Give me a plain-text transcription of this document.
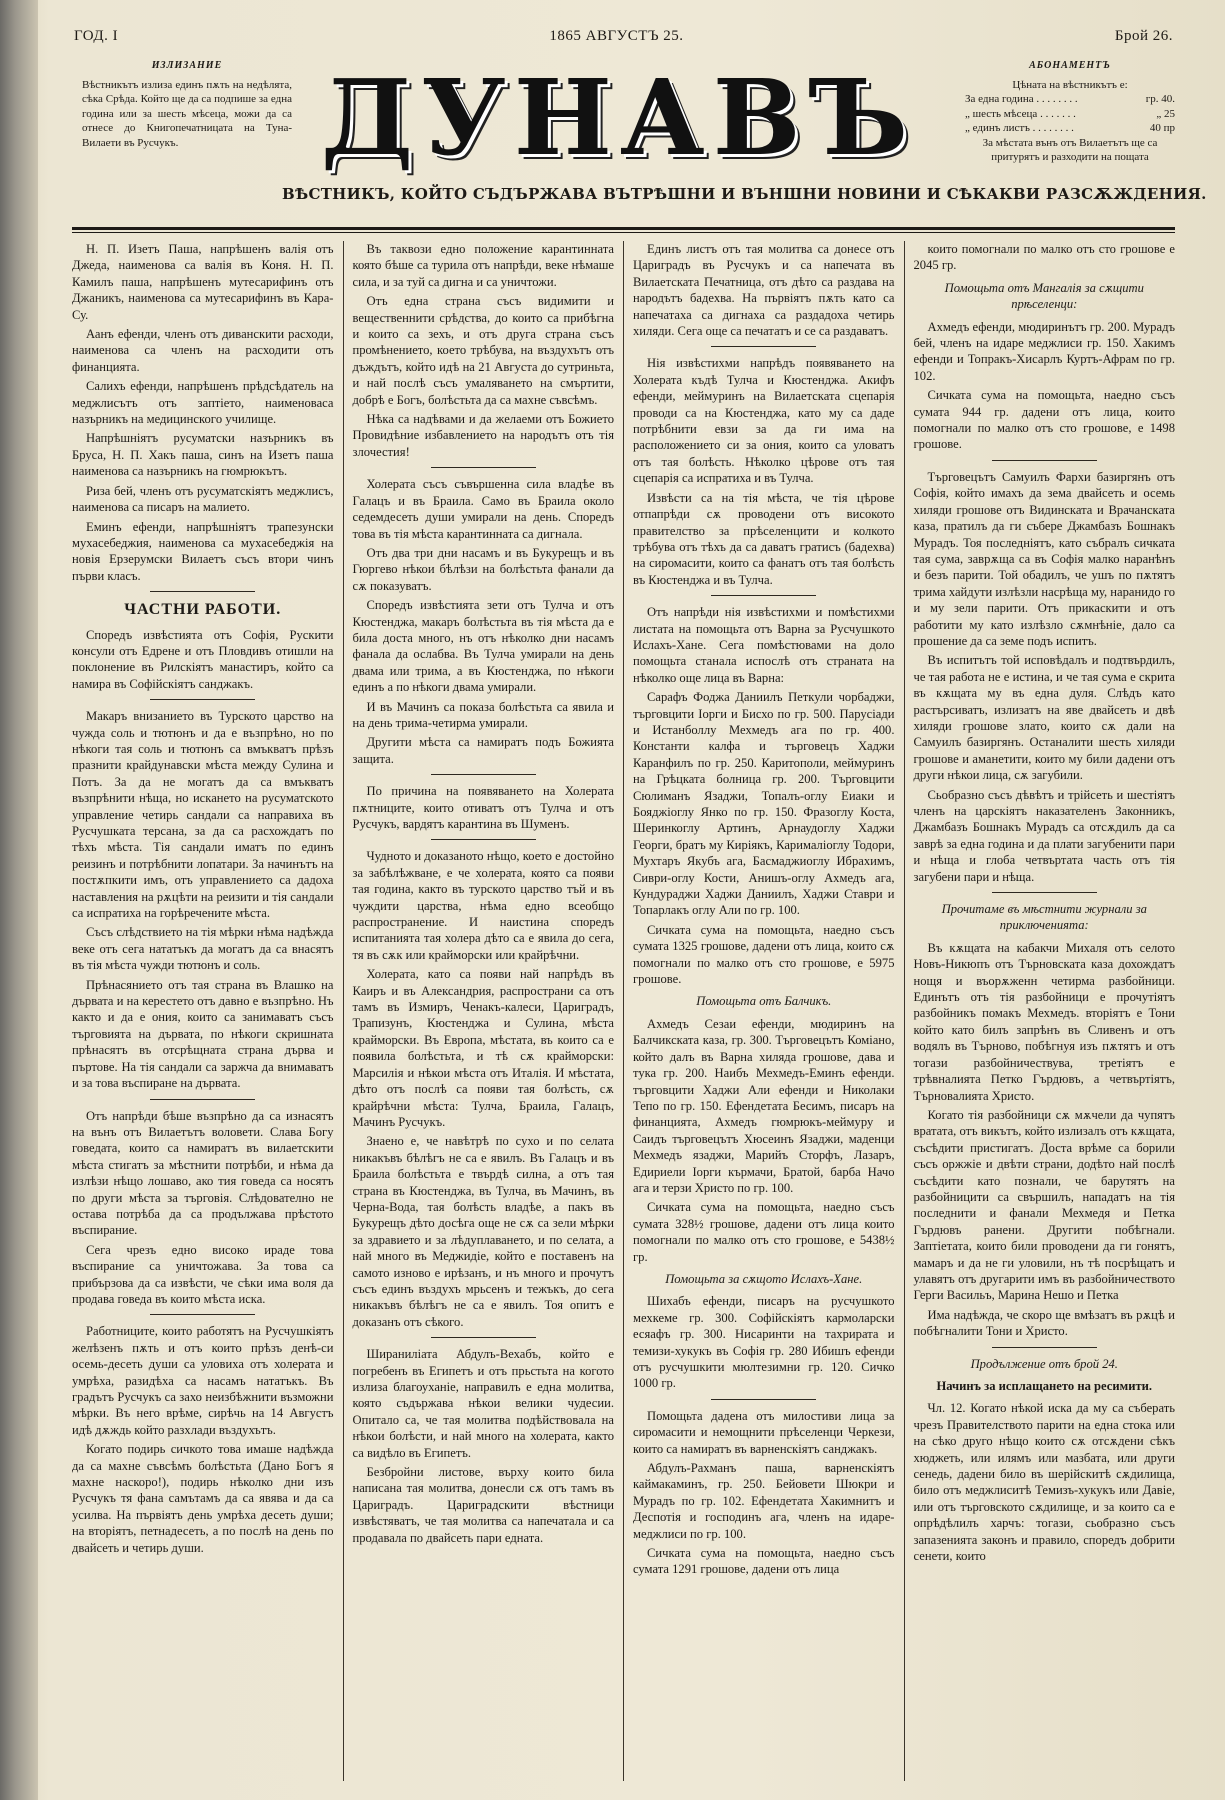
ГОД. I	1865 АВГУСТЪ 25.	Брой 26.
ИЗЛИЗАНИЕ

Вѣстникътъ излиза единъ пѫть на недѣлята, сѣка Срѣда. Който ще да са подпише за една година или за шесть мѣсеца, можи да са отнесе до Книгопечатницата на Туна-Вилаети въ Русчукъ.	ДУНАВЪ
ВѢСТНИКЪ, КОЙТО СЪДЪРЖАВА ВЪТРѢШНИ И ВЪНШНИ НОВИНИ И СѢКАКВИ РАЗСѪЖДЕНИЯ.
АБОНАМЕНТЪ

Цѣната на вѣстникътъ е:

За една година . . . . . . . .	гр. 40.
„ шесть мѣсеца . . . . . . .	„ 25
„ единъ листъ . . . . . . . .	40 пр

За мѣстата вънъ отъ Вилаетътъ ще са притурятъ и разходити на пощата

Н. П. Изетъ Паша, напрѣшенъ валія отъ Джеда, наименова са валія въ Коня. Н. П. Камилъ паша, напрѣшенъ мутесарифинъ отъ Джаникъ, наименова са мутесарифинъ въ Кара-Су.

Аанъ ефенди, членъ отъ диванскити расходи, наименова са членъ на расходити отъ финанцията.

Салихъ ефенди, напрѣшенъ прѣдсѣдатель на меджлисътъ отъ заптіето, наименоваса назърникъ на медицинскогo училище.

Напрѣшніятъ русуматски назърникъ въ Бруса, Н. П. Хакъ паша, синъ на Изетъ паша наименова са назърникъ на гюмрюкътъ.

Риза бей, членъ отъ русуматскіятъ меджлисъ, наименова са писаръ на малието.

Еминъ ефенди, напрѣшніятъ трапезунски мухасебеджия, наименова са мухасебеджія на новія Ерзерумски Вилаетъ съсъ втори чинъ първи класъ.

ЧАСТНИ РАБОТИ.

Споредъ извѣстията отъ Софія, Рускити консули отъ Едрене и отъ Пловдивъ отишли на поклонение въ Рилскіятъ манастиръ, който са намира въ Софійскіятъ санджакъ.

Макаръ внизанието въ Турското царство на чужда соль и тютюнъ и да е възпрѣно, но по нѣкоги тая соль и тютюнъ са вмъкватъ прѣзъ празнити крайдунавски мѣста между Сулина и Потъ. За да не могатъ да са вмъкватъ възпрѣнити нѣща, но искането на русуматското управление четирь сандали са направиха въ Русчушката терсана, за да са расхождатъ по тѣхъ мѣста. Тія сандали иматъ по единъ реизинъ и потрѣбнити лопатари. За начинътъ на постѫпкити имъ, отъ управлението са дадоха наставления на рѫцѣти на реизити и тія сандали са испратиха на горѣречените мѣста.

Съсъ слѣдствието на тія мѣрки нѣма надѣжда веке отъ сега нататъкъ да могатъ да са внасятъ въ тія мѣста чужди тютюнъ и соль.

Прѣнасянието отъ тая страна въ Влашко на дървата и на керестето отъ давно е възпрѣно. Нъ както и да е ония, които са занимаватъ съсъ търговията на дървата, по нѣкоги скришната прѣнасятъ въ отсрѣщната страна дърва и пъртове. На тія сандали са заржча да внимаватъ и за това въспиране на дървата.

Отъ напрѣди бѣше възпрѣно да са изнасятъ на вънъ отъ Вилаетътъ воловети. Слава Богу говедата, които са намиратъ въ вилаетскити мѣста стигатъ за мѣстнити потрѣби, и нѣма да излѣзи нѣщо лошаво, ако тия говеда са носятъ по други мѣста за търговія. Слѣдователно не остава потрѣба да са продължава прѣстото въспирание.

Сега чрезъ едно високо ираде това въспирание са уничтожава. За това са прибързова да са извѣсти, че сѣки има воля да продава говеда въ които мѣста иска.

Работниците, които работятъ на Русчушкіятъ желѣзенъ пѫть и отъ които прѣзъ денѣ-си осемь-десеть души са уловиха отъ холерата и умрѣха, разидѣха са насамъ нататъкъ. Въ градътъ Русчукъ са захо неизбѣжнити възможни мѣрки. Въ него врѣме, сирѣчь на 14 Августъ идѣ дѫждь който разхлади въздухътъ.

Когато подирь сичкото това имаше надѣжда да са махне съвсѣмъ болѣстьта (Дано Богъ я махне наскоро!), подирь нѣколко дни изъ Русчукъ тя фана самътамъ да са явява и да са усилва. На първіятъ день умрѣха десеть души; на вторіятъ, петнадесеть, а по послѣ на день по двайсеть и четирь души.

Въ таквози едно положение карантинната която бѣше са турила отъ напрѣди, веке нѣмаше сила, и за туй са дигна и са уничтожи.

Отъ една страна съсъ видимити и вещественнити срѣдства, до които са прибѣгна и които са зехъ, и отъ друга страна съсъ промѣнението, което трѣбува, на въздухътъ отъ дъждътъ, който идѣ на 21 Августа до сутриньта, и най послѣ съсъ умаляването на смъртити, добрѣ е Богъ, болѣстьта да са махне съвсѣмъ.

Нѣка са надѣвами и да желаеми отъ Божието Провидѣние избавлението на народътъ отъ тія злочестия!

Холерата съсъ съвършенна сила владѣе въ Галацъ и въ Браила. Само въ Браила около седемдесеть души умирали на день. Споредъ това въ тія мѣста карантинната са дигнала.

Отъ два три дни насамъ и въ Букурещъ и въ Гюргево нѣкои бѣлѣзи на болѣстьта фанали да сѫ показуватъ.

Споредъ извѣстията зети отъ Тулча и отъ Кюстенджа, макаръ болѣстьта въ тія мѣста да е била доста много, нъ отъ нѣколко дни насамъ фанала да ослабва. Въ Тулча умирали на день двама или трима, а въ Кюстенджа, по нѣкоги единъ а по нѣкоги двама умирали.

И въ Мачинъ са показа болѣстьта са явила и на день трима-четирма умирали.

Другити мѣста са намиратъ подъ Божията защита.

По причина на появяването на Холерата пѫтниците, които отиватъ отъ Тулча и отъ Русчукъ, вардятъ карантина въ Шуменъ.

Чудното и доказаното нѣщо, което е достойно за забѣлѣжване, е че холерата, която са появи тая година, както въ турското царство тъй и въ чуждити царства, нѣма едно всеобщо распространение. И наистина споредъ испитанията тая холера дѣто са е явила до сега, тя въ сѫк или крайморски или крайрѣчни.

Холерата, като са появи най напрѣдъ въ Каиръ и въ Александрия, распространи са отъ тамъ въ Измиръ, Ченакъ-калеси, Цариградъ, Трапизунъ, Кюстенджа и Сулина, мѣста крайморски. Въ Европа, мѣстата, въ които са е появила болѣстьта, и тѣ сѫ крайморски: Марсилія и нѣкои мѣста отъ Италія. И мѣстата, дѣто отъ послѣ са появи тая болѣсть, сѫ крайрѣчни мѣста: Тулча, Браила, Галацъ, Мачинъ Русчукъ.

Знаено е, че навѣтрѣ по сухо и по селата никакъвъ бѣлѣгъ не са е явилъ. Въ Галацъ и въ Браила болѣстьта е твърдѣ силна, а отъ тая страна въ Кюстенджа, въ Тулча, въ Мачинъ, въ Черна-Вода, тая болѣсть владѣе, а пакъ въ Букурещъ дѣто досѣга още не сѫ са зели мѣрки за здравието и за лѣдуплаването, и по селата, а най много въ Меджидіе, който е поставенъ на самото изново е ирѣзанъ, и нъ много и прочутъ съсъ единъ въздухъ мрьсенъ и тежъкъ, до сега никакъвъ бѣлѣгъ не са е явилъ. Тоя опитъ е доказанъ отъ сѣкого.

Шираниліата Абдулъ-Вехабъ, който е погребенъ въ Египетъ и отъ прьстьта на когото излиза благоуханіе, направилъ е една молитва, която съдържава нѣкои велики чудесии. Опитало са, че тая молитва подѣйствовала на нѣкои болѣсти, и най много на холерата, както са видѣло въ Египетъ.

Безбройни листове, върху които била написана тая молитва, донесли сѫ отъ тамъ въ Цариградъ. Цариградскити вѣстници извѣстяватъ, че тая молитва са напечатала и са продавала по двайсеть пари едната.

Единъ листъ отъ тая молитва са донесе отъ Цариградъ въ Русчукъ и са напечата въ Вилаетската Печатница, отъ дѣто са раздава на народътъ бадехва. На първіятъ пѫть като са напечатаха са дигнаха са раздадоха четирь хиляди. Сега още са печататъ и се са раздаватъ.

Нія извѣстихми напрѣдъ появяването на Холерата къдѣ Тулча и Кюстенджа. Акифъ ефенди, меймуринъ на Вилаетската сцепарія проводи са на Кюстенджа, като му са даде потрѣбнити евзи за да ги има на расположението си за ония, които са уловатъ отъ тая болѣсть. Нѣколко цѣрове отъ тая сцепарія са испратиха и въ Тулча.

Извѣсти са на тія мѣста, че тія цѣрове отпапрѣди сѫ проводени отъ високото правителство за прѣселенцити и колкото трѣбува отъ тѣхъ да са даватъ гратисъ (бадехва) на сиромасити, които са фанатъ отъ тая болѣсть въ Кюстенджа и въ Тулча.

Отъ напрѣди нія извѣстихми и помѣстихми листата на помощьта отъ Варна за Русчушкото Ислахъ-Хане. Сега помѣстювами на доло помощьта станала испослѣ отъ страната на нѣколко още лица въ Варна:

Сарафъ Фоджа Даниилъ Петкули чорбаджи, търговцити Іорги и Бисхо по гр. 500. Парусіади и Истанболлу Мехмедъ ага по гр. 400. Константи калфа и търговецъ Хаджи Каранфилъ по гр. 250. Каритополи, меймуринъ на Грѣцката болница гр. 200. Търговцити Сюлиманъ Язаджи, Топалъ-оглу Еиаки и Бояджіоглу Янко по гр. 150. Фразоглу Коста, Шеринкоглу Артинъ, Арнаудоглу Хаджи Георги, братъ му Киріякъ, Карималіоглу Тодори, Мухтаръ Якубъ ага, Басмаджиоглу Ибрахимъ, Сиври-оглу Кости, Анишъ-оглу Ахмедъ ага, Кундураджи Хаджи Даниилъ, Хаджи Ставри и Топарлакъ оглу Али по гр. 100.

Сичката сума на помощьта, наедно съсъ сумата 1325 грошове, дадени отъ лица, които сѫ помогнали по малко отъ сто грошове, е 5975 грошове.

Помощьта отъ Балчикъ.

Ахмедъ Сезаи ефенди, мюдиринъ на Балчикската каза, гр. 300. Търговецътъ Коміано, който далъ въ Варна хиляда грошове, дава и тука гр. 200. Наибъ Мехмедъ-Еминъ ефенди. търговцити Хаджи Али ефенди и Николаки Тепо по гр. 150. Ефендетата Бесимъ, писаръ на финанцията, Ахмедъ гюмрюкъ-меймуру и Саидъ търговецътъ Хюсеинъ Язаджи, маденци Мехмедъ язаджи, Марийъ Сторфъ, Лазаръ, Едириели Іорги кърмачи, Братой, барба Начо ага и терзи Христо по гр. 100.

Сичката сума на помощьта, наедно съсъ сумата 328½ грошове, дадени отъ лица които помогнали по малко отъ сто грошове, е 5438½ гр.

Помощьта за сѫщото Ислахъ-Хане.

Шихабъ ефенди, писаръ на русчушкото мехкеме гр. 300. Софійскіятъ кармоларски есяафъ гр. 300. Нисаринти на тахрирата и темизи-хукукъ въ Софія гр. 280 Ибишъ ефенди отъ русчушкити мюлтезимни гр. 120. Сичко 1000 гр.

Помощьта дадена отъ милостиви лица за сиромасити и немощнити прѣселенци Черкези, които са намиратъ въ варненскіятъ санджакъ.

Абдулъ-Рахманъ паша, варненскіятъ каймакаминъ, гр. 250. Бейовети Шюкри и Мурадъ по гр. 102. Ефендетата Хакимнитъ и Деспотія и господинъ ага, членъ на идаре-меджлиси по гр. 100.

Сичката сума на помощьта, наедно съсъ сумата 1291 грошове, дадени отъ лица

които помогнали по малко отъ сто грошове е 2045 гр.

Помощьта отъ Мангалія за сѫщити прѣселенци:

Ахмедъ ефенди, мюдиринътъ гр. 200. Мурадъ бей, членъ на идаре меджлиси гр. 150. Хакимъ ефенди и Топракъ-Хисарлъ Куртъ-Афрам по гр. 102.

Сичката сума на помощьта, наедно съсъ сумата 944 гр. дадени отъ лица, които помогнали по малко отъ сто грошове, е 1498 грошове.

Търговецътъ Самуилъ Фархи базиргянъ отъ Софія, който имахъ да зема двайсеть и осемь хиляди грошове отъ Видинската и Врачанската каза, пратилъ да ги събере Джамбазъ Бошнакъ Мурадъ. Тоя последніятъ, като събралъ сичката тая сума, заврѫща са въ Софія малко наранѣнъ и безъ парити. Той обадилъ, че ушъ по пѫтятъ трима хайдути излѣзли насрѣща му, наранидо го и му зели парити. Отъ прикаскити и отъ работити му като излѣзло сѫмнѣніе, дало са прошение да са земе подъ испитъ.

Въ испитътъ той исповѣдалъ и подтвърдилъ, че тая работа не е истина, и че тая сума е скрита въ кѫщата му въ една дуля. Слѣдъ като растърсиватъ, излизатъ на яве двайсеть и двѣ хиляди грошове злато, които сѫ дали на Самуилъ базиргянъ. Останалити шесть хиляди грошове и аманетити, които му били дадени отъ други нѣкои лица, сѫ загубили.

Сьобразно съсъ дѣвѣтъ и трійсеть и шестіятъ членъ на царскіятъ наказателенъ Законникъ, Джамбазъ Бошнакъ Мурадъ са отсѫдилъ да са заврѣ за една година и да плати загубенити пари и нѣща и глоба четвъртата часть отъ тія загубени пари и нѣща.

Прочитаме въ мѣстнити журнали за приключенията:

Въ кѫщата на кабакчи Михаля отъ селото Новъ-Никюпъ отъ Търновската каза дохождатъ нощя и въорѫженн четирма разбойници. Единътъ отъ тія разбойници е прочутіятъ разбойникъ помакъ Мехмедъ. вторіятъ е Тони който като билъ запрѣнъ въ Сливенъ и отъ водялъ въ Търново, побѣгнуя изъ пѫтятъ и отъ тогази разбойничествува, третіятъ е трѣвналията Петко Гърдювъ, а четвъртіятъ, Търновалията Христо.

Когато тія разбойници сѫ мѫчели да чупятъ вратата, отъ викътъ, който излизалъ отъ кѫщата, съсѣдити пристигатъ. Доста врѣме са борили съсъ оржжіе и двѣти страни, додѣто най послѣ съсѣдити като познали, че барутятъ на разбойницити са свършилъ, нападатъ на тія последнити и фанали Мехмедя и Петка Гърдювъ ранени. Другити побѣгнали. Заптіетата, които били проводени да ги гонятъ, мамаръ и да не ги уловили, нъ тѣ посрѣщатъ и улавятъ отъ другарити имъ въ разбойничеството Герги Васильъ, Марина Нешо и Петка

Има надѣжда, че скоро ще вмѣзатъ въ рѫцѣ и побѣгналити Тони и Христо.

Продължение отъ брой 24.
Начинъ за исплащането на ресимити.

Чл. 12. Когато нѣкой иска да му са съберать чрезъ Правителството парити на една стока или на сѣко друго нѣщо които сѫ отсѫдени сѣкъ хюджеть, или илямъ или мазбата, или други сенедь, дадени било въ шерійскитѣ сѫдилища, било отъ меджлиситѣ Темизъ-хукукъ или Давіе, или отъ търговското сѫдилище, и за които са е опрѣдѣлилъ харчъ: тогази, сьобразно съсъ запазенията законъ и правило, споредъ добрити сенети, които
